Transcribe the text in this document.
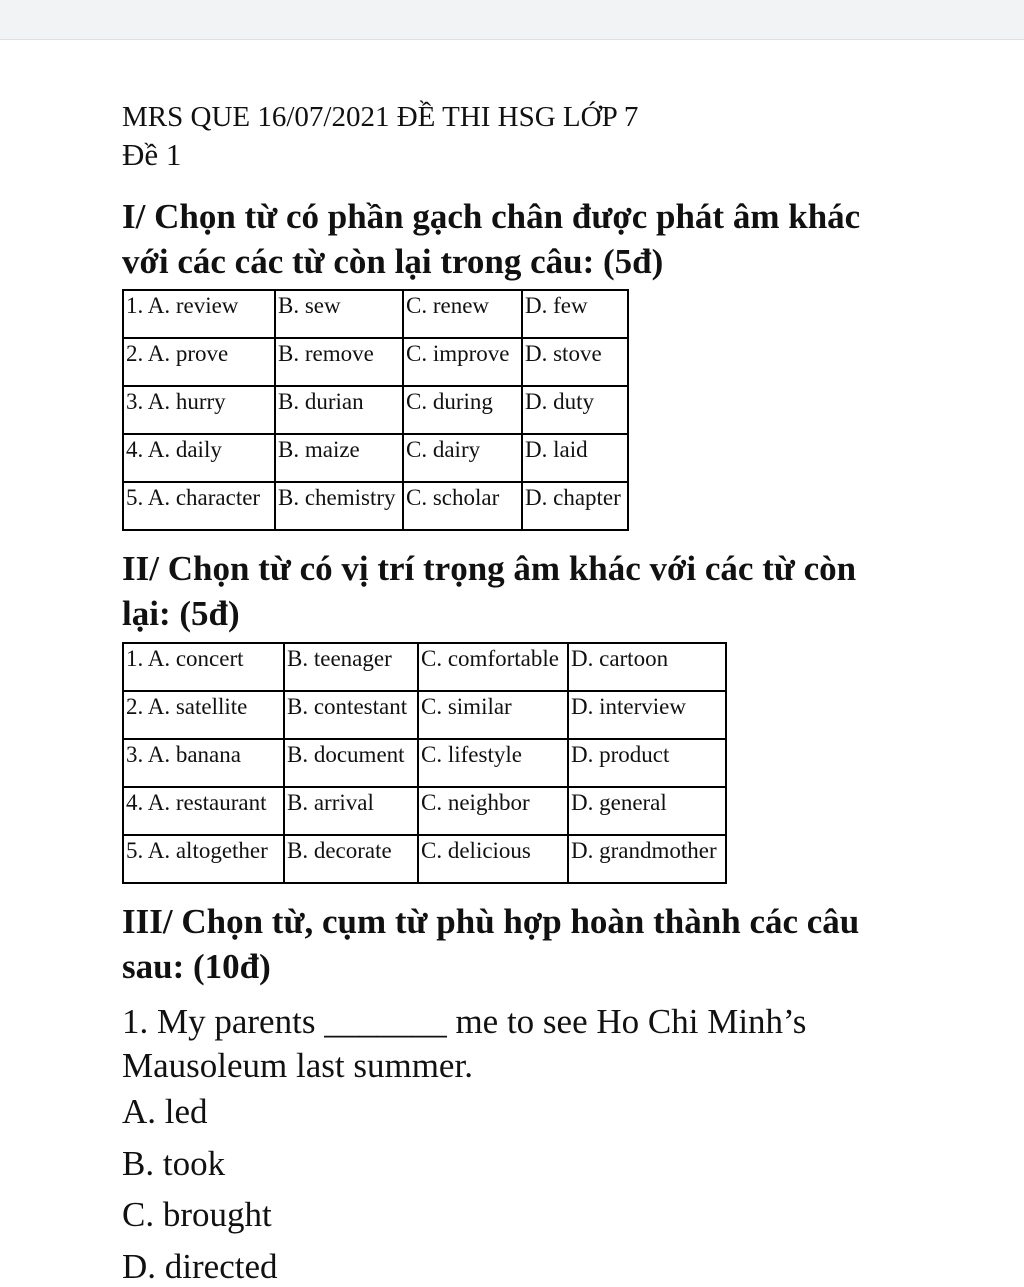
MRS QUE 16/07/2021 ĐỀ THI HSG LỚP 7
Đề 1
I/ Chọn từ có phần gạch chân được phát âm khác với các các từ còn lại trong câu: (5đ)
1. A. review	B. sew	C. renew	D. few
2. A. prove	B. remove	C. improve	D. stove
3. A. hurry	B. durian	C. during	D. duty
4. A. daily	B. maize	C. dairy	D. laid
5. A. character	B. chemistry	C. scholar	D. chapter
II/ Chọn từ có vị trí trọng âm khác với các từ còn lại: (5đ)
1. A. concert	B. teenager	C. comfortable	D. cartoon
2. A. satellite	B. contestant	C. similar	D. interview
3. A. banana	B. document	C. lifestyle	D. product
4. A. restaurant	B. arrival	C. neighbor	D. general
5. A. altogether	B. decorate	C. delicious	D. grandmother
III/ Chọn từ, cụm từ phù hợp hoàn thành các câu sau: (10đ)
1. My parents _______ me to see Ho Chi Minh’s Mausoleum last summer.
A. led
B. took
C. brought
D. directed
